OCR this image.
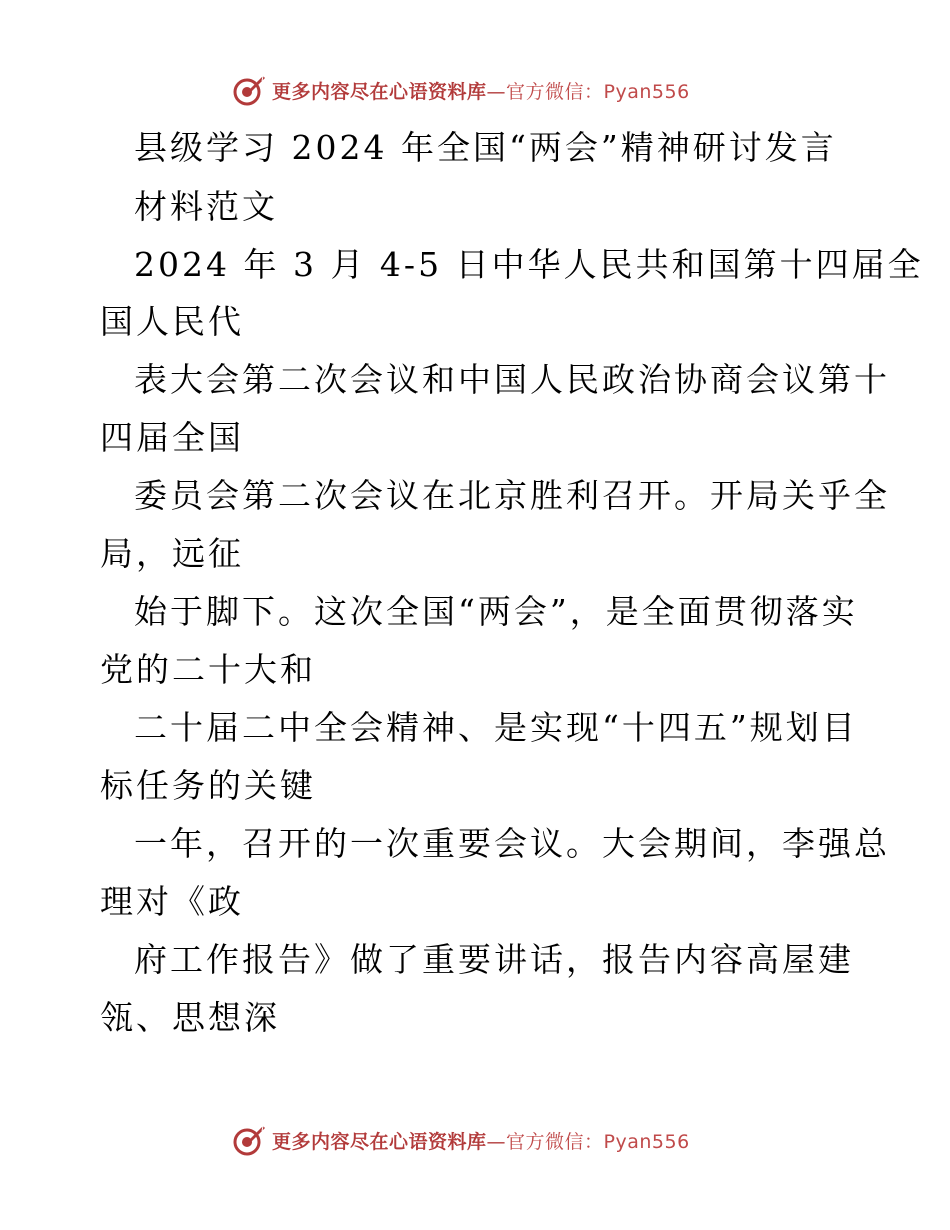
更多内容尽在心语资料库—官方微信：Pyan556
县级学习 2024 年全国“两会”精神研讨发言
材料范文
2024 年 3 月 4-5 日中华人民共和国第十四届全
国人民代
表大会第二次会议和中国人民政治协商会议第十
四届全国
委员会第二次会议在北京胜利召开。开局关乎全
局，远征
始于脚下。这次全国“两会”，是全面贯彻落实
党的二十大和
二十届二中全会精神、是实现“十四五”规划目
标任务的关键
一年，召开的一次重要会议。大会期间，李强总
理对《政
府工作报告》做了重要讲话，报告内容高屋建
瓴、思想深
更多内容尽在心语资料库—官方微信：Pyan556
